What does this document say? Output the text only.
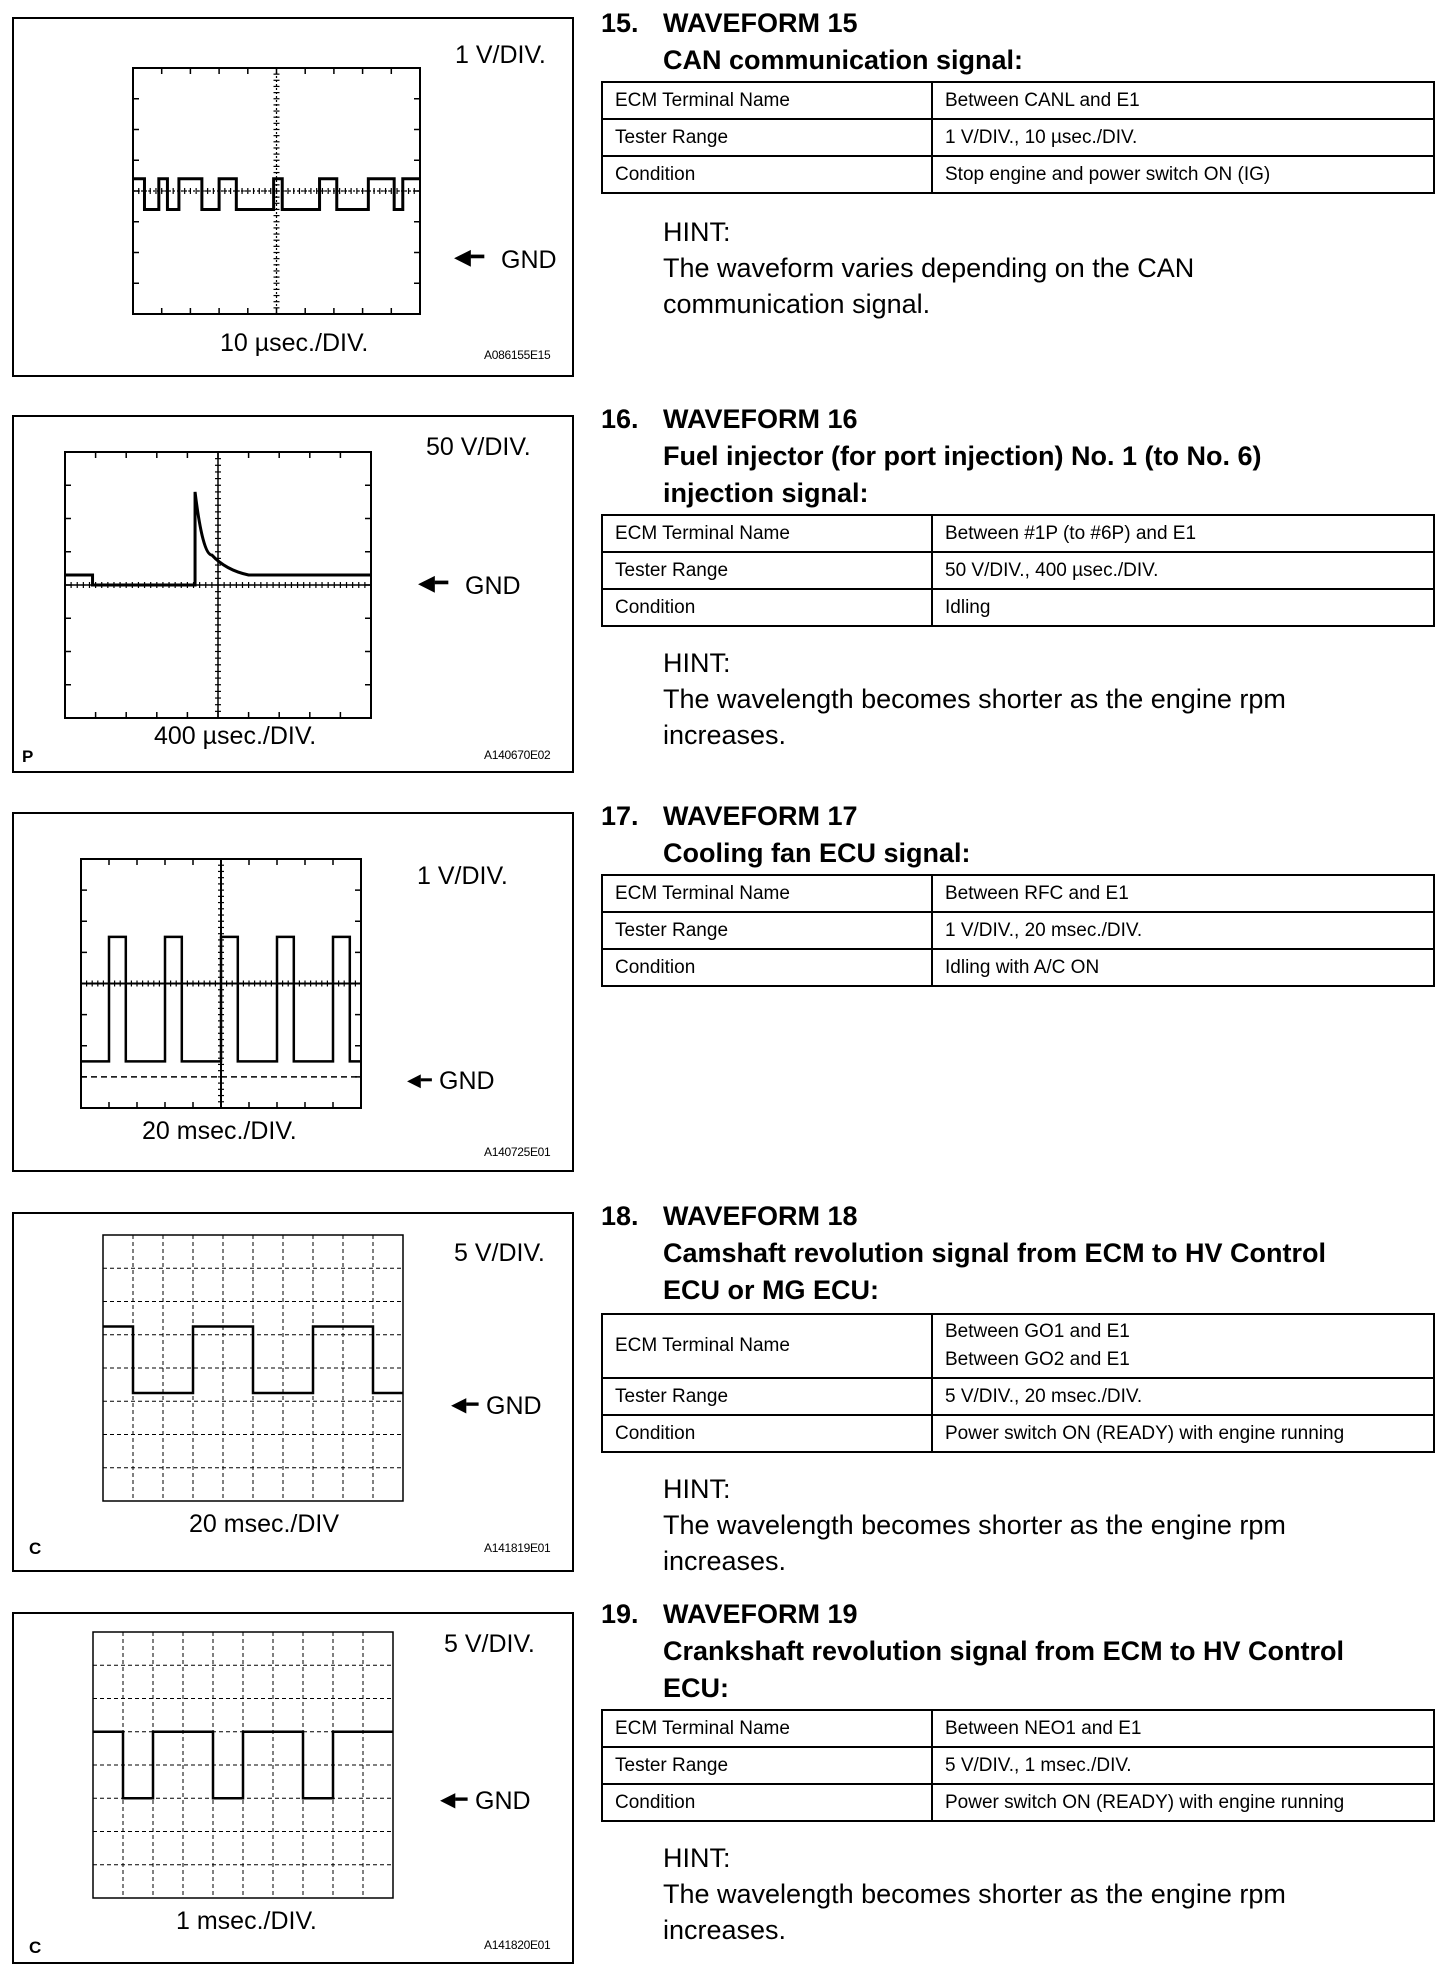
1 V/DIV.
◀━ GND
10 µsec./DIV.	A086155E15
50 V/DIV.
◀━ GND
400 µsec./DIV.
P	A140670E02
1 V/DIV.
◀━ GND
20 msec./DIV.
A140725E01
5 V/DIV.
◀━ GND
20 msec./DIV
C	A141819E01
5 V/DIV.
◀━ GND
1 msec./DIV.
C	A141820E01
15. WAVEFORM 15
CAN communication signal:
ECM Terminal Name	Between CANL and E1
Tester Range	1 V/DIV., 10 µsec./DIV.
Condition	Stop engine and power switch ON (IG)
HINT:
The waveform varies depending on the CAN
communication signal.
16. WAVEFORM 16
Fuel injector (for port injection) No. 1 (to No. 6)
injection signal:
ECM Terminal Name	Between #1P (to #6P) and E1
Tester Range	50 V/DIV., 400 µsec./DIV.
Condition	Idling
HINT:
The wavelength becomes shorter as the engine rpm
increases.
17. WAVEFORM 17
Cooling fan ECU signal:
ECM Terminal Name	Between RFC and E1
Tester Range	1 V/DIV., 20 msec./DIV.
Condition	Idling with A/C ON
18. WAVEFORM 18
Camshaft revolution signal from ECM to HV Control
ECU or MG ECU:
ECM Terminal Name	Between GO1 and E1
Between GO2 and E1

Tester Range	5 V/DIV., 20 msec./DIV.
Condition	Power switch ON (READY) with engine running
HINT:
The wavelength becomes shorter as the engine rpm
increases.
19. WAVEFORM 19
Crankshaft revolution signal from ECM to HV Control
ECU:
ECM Terminal Name	Between NEO1 and E1
Tester Range	5 V/DIV., 1 msec./DIV.
Condition	Power switch ON (READY) with engine running
HINT:
The wavelength becomes shorter as the engine rpm
increases.
